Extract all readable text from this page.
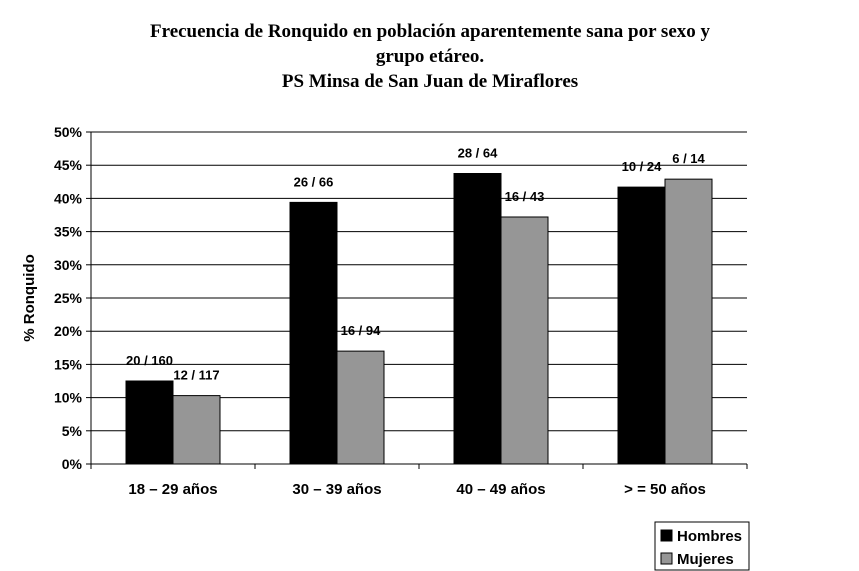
Frecuencia de Ronquido en población aparentemente sana por sexo y
grupo etáreo.
PS Minsa de San Juan de Miraflores
0%
5%
10%
15%
20%
25%
30%
35%
40%
45%
50%
18 – 29 años
20 / 160
12 / 117
30 – 39 años
26 / 66
16 / 94
40 – 49 años
28 / 64
16 / 43
> = 50 años
10 / 24
6 / 14
% Ronquido
Hombres
Mujeres
